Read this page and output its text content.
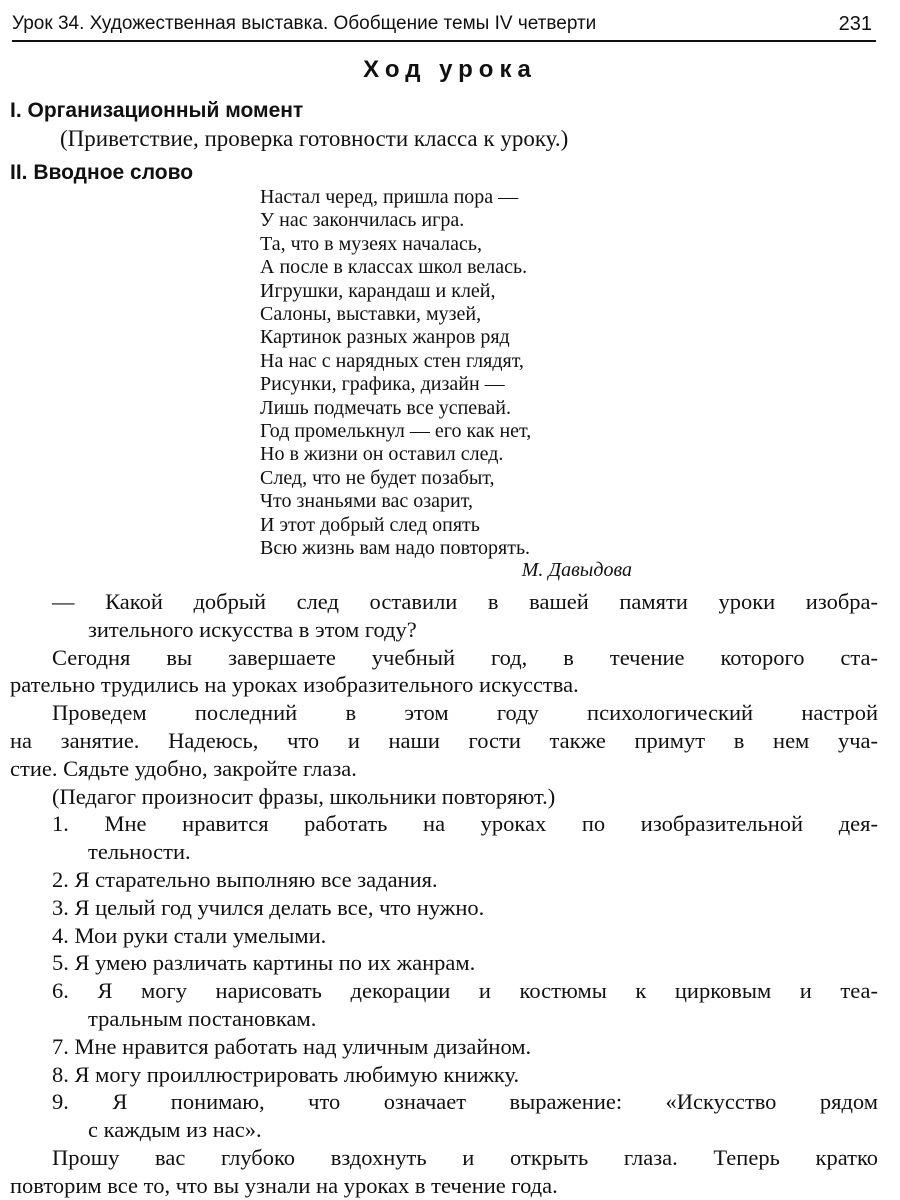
Урок 34. Художественная выставка. Обобщение темы IV четверти	231
Ход урока
I. Организационный момент
(Приветствие, проверка готовности класса к уроку.)
II. Вводное слово
Настал черед, пришла пора —
У нас закончилась игра.
Та, что в музеях началась,
А после в классах школ велась.
Игрушки, карандаш и клей,
Салоны, выставки, музей,
Картинок разных жанров ряд
На нас с нарядных стен глядят,
Рисунки, графика, дизайн —
Лишь подмечать все успевай.
Год промелькнул — его как нет,
Но в жизни он оставил след.
След, что не будет позабыт,
Что знаньями вас озарит,
И этот добрый след опять
Всю жизнь вам надо повторять.
М. Давыдова
— Какой добрый след оставили в вашей памяти уроки изобра-
зительного искусства в этом году?
Сегодня вы завершаете учебный год, в течение которого ста-
рательно трудились на уроках изобразительного искусства.
Проведем последний в этом году психологический настрой
на занятие. Надеюсь, что и наши гости также примут в нем уча-
стие. Сядьте удобно, закройте глаза.
(Педагог произносит фразы, школьники повторяют.)
1. Мне нравится работать на уроках по изобразительной дея-
тельности.
2. Я старательно выполняю все задания.
3. Я целый год учился делать все, что нужно.
4. Мои руки стали умелыми.
5. Я умею различать картины по их жанрам.
6. Я могу нарисовать декорации и костюмы к цирковым и теа-
тральным постановкам.
7. Мне нравится работать над уличным дизайном.
8. Я могу проиллюстрировать любимую книжку.
9. Я понимаю, что означает выражение: «Искусство рядом
с каждым из нас».
Прошу вас глубоко вздохнуть и открыть глаза. Теперь кратко
повторим все то, что вы узнали на уроках в течение года.
